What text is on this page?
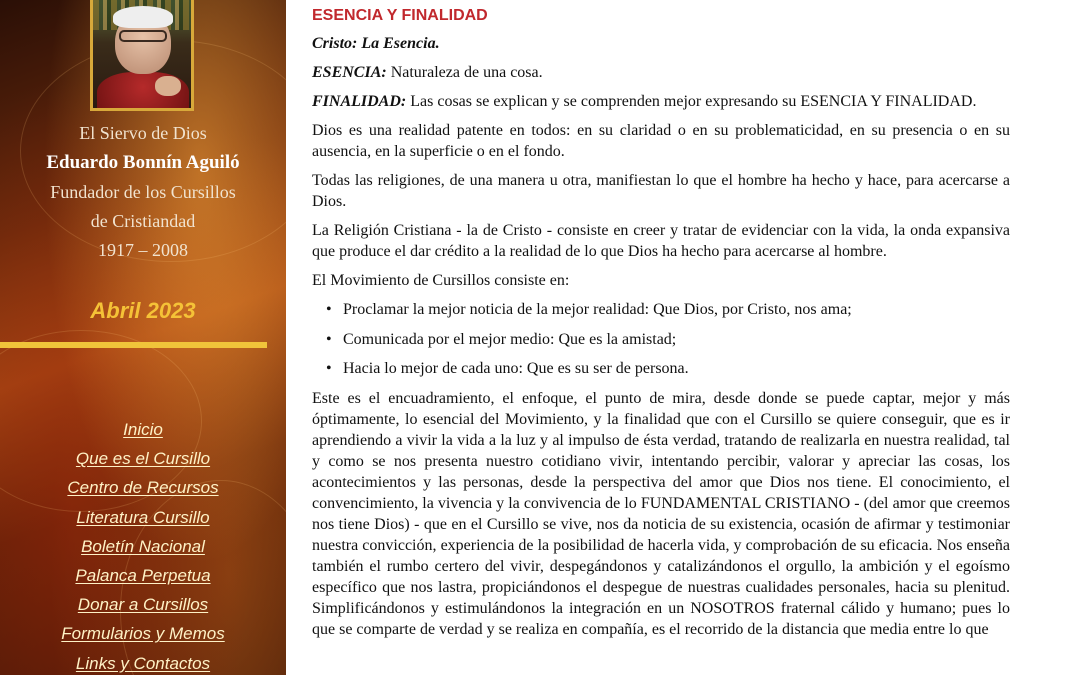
El Siervo de Dios
Eduardo Bonnín Aguiló
Fundador de los Cursillos
de Cristiandad
1917 – 2008
Abril 2023
Inicio
Que es el Cursillo
Centro de Recursos
Literatura Cursillo
Boletín Nacional
Palanca Perpetua
Donar a Cursillos
Formularios y Memos
Links y Contactos
ESENCIA Y FINALIDAD

Cristo: La Esencia.

ESENCIA: Naturaleza de una cosa.

FINALIDAD: Las cosas se explican y se comprenden mejor expresando su ESENCIA Y FINALIDAD.

Dios es una realidad patente en todos: en su claridad o en su problematicidad, en su presencia o en su ausencia, en la superficie o en el fondo.

Todas las religiones, de una manera u otra, manifiestan lo que el hombre ha hecho y hace, para acercarse a Dios.

La Religión Cristiana - la de Cristo - consiste en creer y tratar de evidenciar con la vida, la onda expansiva que produce el dar crédito a la realidad de lo que Dios ha hecho para acercarse al hombre.

El Movimiento de Cursillos consiste en:

• Proclamar la mejor noticia de la mejor realidad: Que Dios, por Cristo, nos ama;
• Comunicada por el mejor medio: Que es la amistad;
• Hacia lo mejor de cada uno: Que es su ser de persona.

Este es el encuadramiento, el enfoque, el punto de mira, desde donde se puede captar, mejor y más óptimamente, lo esencial del Movimiento, y la finalidad que con el Cursillo se quiere conseguir, que es ir aprendiendo a vivir la vida a la luz y al impulso de ésta verdad, tratando de realizarla en nuestra realidad, tal y como se nos presenta nuestro cotidiano vivir, intentando percibir, valorar y apreciar las cosas, los acontecimientos y las personas, desde la perspectiva del amor que Dios nos tiene. El conocimiento, el convencimiento, la vivencia y la convivencia de lo FUNDAMENTAL CRISTIANO - (del amor que creemos nos tiene Dios) - que en el Cursillo se vive, nos da noticia de su existencia, ocasión de afirmar y testimoniar nuestra convicción, experiencia de la posibilidad de hacerla vida, y comprobación de su eficacia. Nos enseña también el rumbo certero del vivir, despegándonos y catalizándonos el orgullo, la ambición y el egoísmo específico que nos lastra, propiciándonos el despegue de nuestras cualidades personales, hacia su plenitud. Simplificándonos y estimulándonos la integración en un NOSOTROS fraternal cálido y humano; pues lo que se comparte de verdad y se realiza en compañía, es el recorrido de la distancia que media entre lo que
